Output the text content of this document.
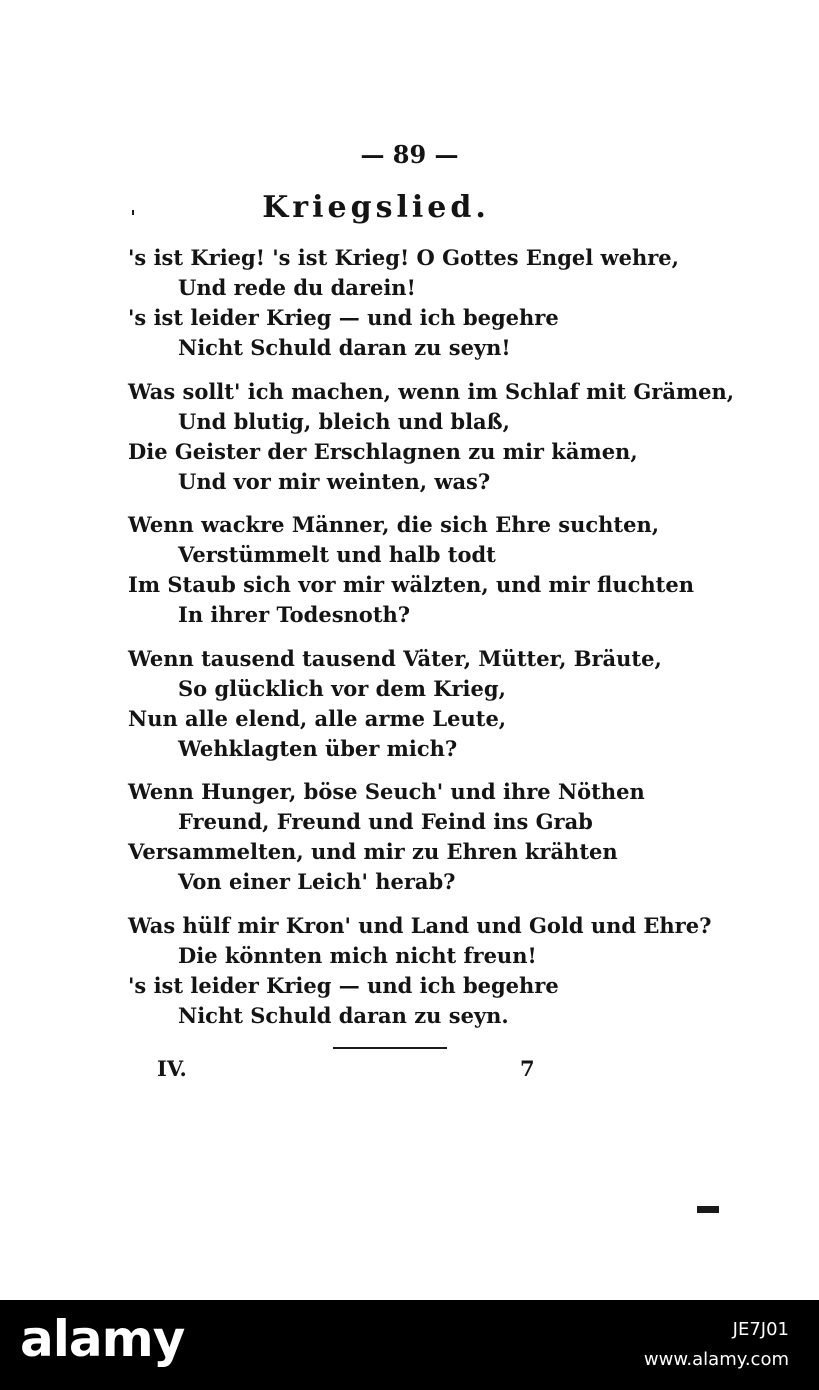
— 89 —
Kriegslied.
's ist Krieg! 's ist Krieg! O Gottes Engel wehre,
Und rede du darein!
's ist leider Krieg — und ich begehre
Nicht Schuld daran zu seyn!
Was sollt' ich machen, wenn im Schlaf mit Grämen,
Und blutig, bleich und blaß,
Die Geister der Erschlagnen zu mir kämen,
Und vor mir weinten, was?
Wenn wackre Männer, die sich Ehre suchten,
Verstümmelt und halb todt
Im Staub sich vor mir wälzten, und mir fluchten
In ihrer Todesnoth?
Wenn tausend tausend Väter, Mütter, Bräute,
So glücklich vor dem Krieg,
Nun alle elend, alle arme Leute,
Wehklagten über mich?
Wenn Hunger, böse Seuch' und ihre Nöthen
Freund, Freund und Feind ins Grab
Versammelten, und mir zu Ehren krähten
Von einer Leich' herab?
Was hülf mir Kron' und Land und Gold und Ehre?
Die könnten mich nicht freun!
's ist leider Krieg — und ich begehre
Nicht Schuld daran zu seyn.
IV.	7
alamy	JE7J01
www.alamy.com
